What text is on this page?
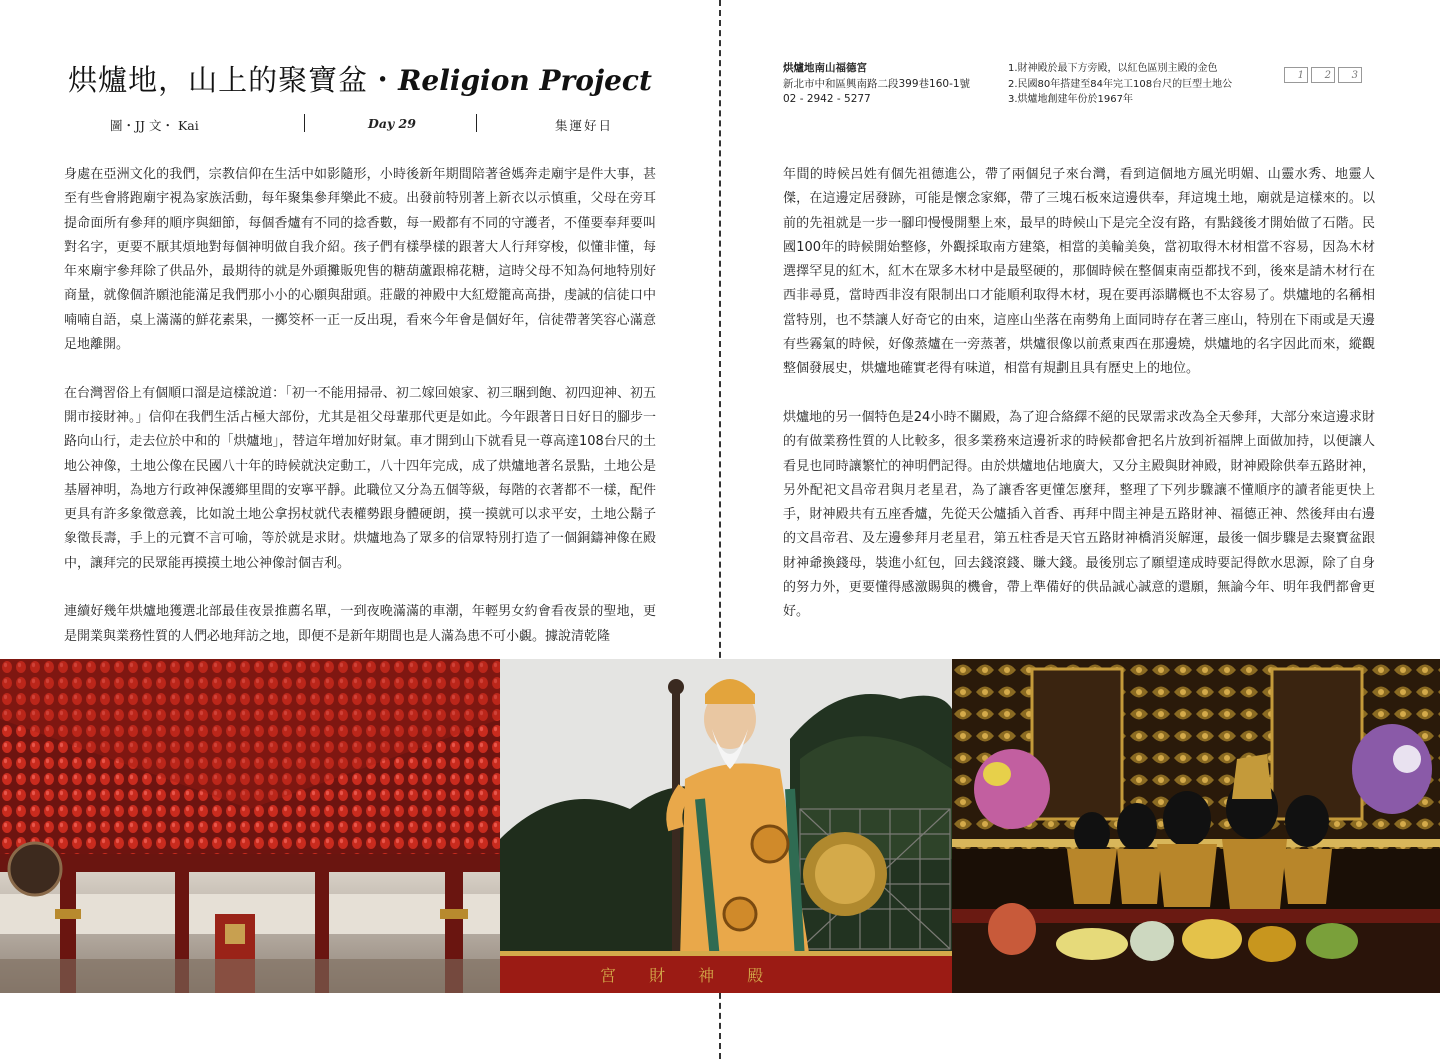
烘爐地，山上的聚寶盆・Religion Project
圖・JJ 文・ Kai	Day 29	集運好日

身處在亞洲文化的我們，宗教信仰在生活中如影隨形，小時後新年期間陪著爸媽奔走廟宇是件大事，甚至有些會將跑廟宇視為家族活動，每年聚集參拜樂此不疲。出發前特別著上新衣以示慎重，父母在旁耳提命面所有參拜的順序與細節，每個香爐有不同的捻香數，每一殿都有不同的守護者，不僅要奉拜要叫對名字，更要不厭其煩地對每個神明做自我介紹。孩子們有樣學樣的跟著大人行拜穿梭，似懂非懂，每年來廟宇參拜除了供品外，最期待的就是外頭攤販兜售的糖葫蘆跟棉花糖，這時父母不知為何地特別好商量，就像個許願池能滿足我們那小小的心願與甜頭。莊嚴的神殿中大紅燈籠高高掛，虔誠的信徒口中喃喃自語，桌上滿滿的鮮花素果，一擲筊杯一正一反出現，看來今年會是個好年，信徒帶著笑容心滿意足地離開。

在台灣習俗上有個順口溜是這樣說道：「初一不能用掃帚、初二嫁回娘家、初三睏到飽、初四迎神、初五開市接財神。」信仰在我們生活占極大部份，尤其是祖父母輩那代更是如此。今年跟著日日好日的腳步一路向山行，走去位於中和的「烘爐地」，替這年增加好財氣。車才開到山下就看見一尊高達108台尺的土地公神像，土地公像在民國八十年的時候就決定動工，八十四年完成，成了烘爐地著名景點，土地公是基層神明，為地方行政神保護鄉里間的安寧平靜。此職位又分為五個等級，每階的衣著都不一樣，配件更具有許多象徵意義，比如說土地公拿拐杖就代表權勢跟身體硬朗，摸一摸就可以求平安，土地公鬍子象徵長壽，手上的元寶不言可喻，等於就是求財。烘爐地為了眾多的信眾特別打造了一個銅鑄神像在殿中，讓拜完的民眾能再摸摸土地公神像討個吉利。

連續好幾年烘爐地獲選北部最佳夜景推薦名單，一到夜晚滿滿的車潮，年輕男女約會看夜景的聖地，更是開業與業務性質的人們必地拜訪之地，即便不是新年期間也是人滿為患不可小覷。據說清乾隆

烘爐地南山福德宮
新北市中和區興南路二段399巷160-1號
02 - 2942 - 5277
1.財神殿於最下方旁殿，以紅色區別主殿的金色
2.民國80年搭建至84年完工108台尺的巨型土地公
3.烘爐地創建年份於1967年
1 2 3

年間的時候呂姓有個先祖德進公，帶了兩個兒子來台灣，看到這個地方風光明媚、山靈水秀、地靈人傑，在這邊定居發跡，可能是懷念家鄉，帶了三塊石板來這邊供奉，拜這塊土地，廟就是這樣來的。以前的先祖就是一步一腳印慢慢開墾上來，最早的時候山下是完全沒有路，有點錢後才開始做了石階。民國100年的時候開始整修，外觀採取南方建築，相當的美輪美奐，當初取得木材相當不容易，因為木材選擇罕見的紅木，紅木在眾多木材中是最堅硬的，那個時候在整個東南亞都找不到，後來是請木材行在西非尋覓，當時西非沒有限制出口才能順利取得木材，現在要再添購概也不太容易了。烘爐地的名稱相當特別，也不禁讓人好奇它的由來，這座山坐落在南勢角上面同時存在著三座山，特別在下雨或是天邊有些霧氣的時候，好像蒸爐在一旁蒸著，烘爐很像以前煮東西在那邊燒，烘爐地的名字因此而來，縱觀整個發展史，烘爐地確實老得有味道，相當有規劃且具有歷史上的地位。

烘爐地的另一個特色是24小時不關殿，為了迎合絡繹不絕的民眾需求改為全天參拜，大部分來這邊求財的有做業務性質的人比較多，很多業務來這邊祈求的時候都會把名片放到祈福牌上面做加持，以便讓人看見也同時讓繁忙的神明們記得。由於烘爐地佔地廣大，又分主殿與財神殿，財神殿除供奉五路財神，另外配祀文昌帝君與月老星君，為了讓香客更懂怎麼拜，整理了下列步驟讓不懂順序的讀者能更快上手，財神殿共有五座香爐，先從天公爐插入首香、再拜中間主神是五路財神、福德正神、然後拜由右邊的文昌帝君、及左邊參拜月老星君，第五柱香是天官五路財神橋消災解運，最後一個步驟是去聚寶盆跟財神爺換錢母，裝進小紅包，回去錢滾錢、賺大錢。最後別忘了願望達成時要記得飲水思源，除了自身的努力外，更要懂得感激賜與的機會，帶上準備好的供品誠心誠意的還願，無論今年、明年我們都會更好。

宮 財 神 殿
